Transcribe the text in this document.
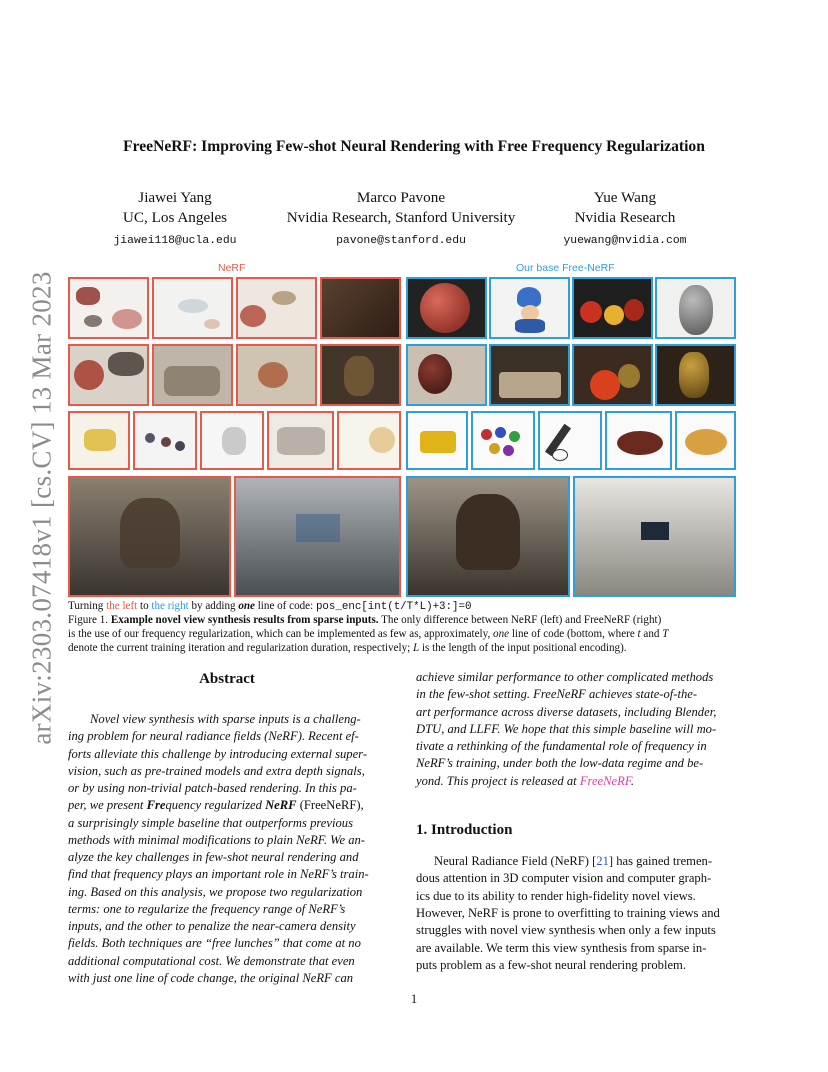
arXiv:2303.07418v1 [cs.CV] 13 Mar 2023
FreeNeRF: Improving Few-shot Neural Rendering with Free Frequency Regularization
Jiawei Yang
UC, Los Angeles
jiawei118@ucla.edu
Marco Pavone
Nvidia Research, Stanford University
pavone@stanford.edu
Yue Wang
Nvidia Research
yuewang@nvidia.com
NeRF	Our base Free-NeRF
Turning the left to the right by adding one line of code: pos_enc[int(t/T*L)+3:]=0
Figure 1. Example novel view synthesis results from sparse inputs. The only difference between NeRF (left) and FreeNeRF (right)
is the use of our frequency regularization, which can be implemented as few as, approximately, one line of code (bottom, where t and T
denote the current training iteration and regularization duration, respectively; L is the length of the input positional encoding).
Abstract
Novel view synthesis with sparse inputs is a challeng-
ing problem for neural radiance fields (NeRF). Recent ef-
forts alleviate this challenge by introducing external super-
vision, such as pre-trained models and extra depth signals,
or by using non-trivial patch-based rendering. In this pa-
per, we present Frequency regularized NeRF (FreeNeRF),
a surprisingly simple baseline that outperforms previous
methods with minimal modifications to plain NeRF. We an-
alyze the key challenges in few-shot neural rendering and
find that frequency plays an important role in NeRF’s train-
ing. Based on this analysis, we propose two regularization
terms: one to regularize the frequency range of NeRF’s
inputs, and the other to penalize the near-camera density
fields. Both techniques are “free lunches” that come at no
additional computational cost. We demonstrate that even
with just one line of code change, the original NeRF can
achieve similar performance to other complicated methods
in the few-shot setting. FreeNeRF achieves state-of-the-
art performance across diverse datasets, including Blender,
DTU, and LLFF. We hope that this simple baseline will mo-
tivate a rethinking of the fundamental role of frequency in
NeRF’s training, under both the low-data regime and be-
yond. This project is released at FreeNeRF.
1. Introduction
Neural Radiance Field (NeRF) [21] has gained tremen-
dous attention in 3D computer vision and computer graph-
ics due to its ability to render high-fidelity novel views.
However, NeRF is prone to overfitting to training views and
struggles with novel view synthesis when only a few inputs
are available. We term this view synthesis from sparse in-
puts problem as a few-shot neural rendering problem.
1
